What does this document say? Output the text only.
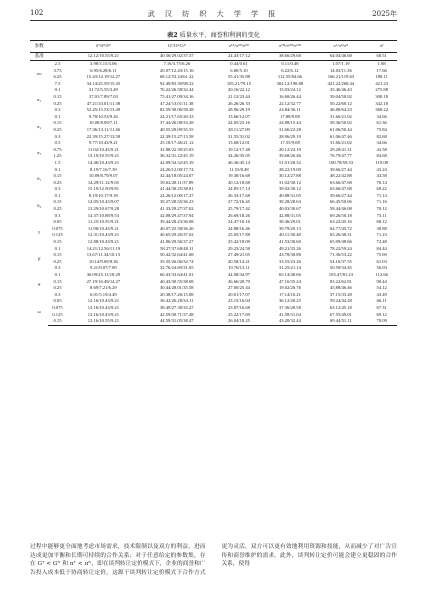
102	武 汉 纺 织 大 学 学 报	2025年
表2 质量水平、商誉和利润的变化
参数		δᵀ/δᴼ/δᴺ	Gᵀ/Gᴼ/Gᴺ	πᵀᴿ/πᴼᴿ/πᴺᴿ	πᵀᴹ/πᴼᴹ/πᴺᴹ	πᵀ/πᴼ/πᴺ	πᵀ
基准		12.12/10.55/9.21	40.56/29.02/37.37	24.43/17.12	38.66/29.68	64.04/46.68	68.51
σₘ	2.5	3.98/3.15/3.06	7.16/3.75/6.26	0.44/0.61	0.11/0.48	1.07/1.19	1.88
	3.75	6.95/6.28/6.11	20.07/12.43/15.16	6.80/5.10	6.22/6.12	14.03/11.36	17.66
	6.25	15.43/14.19/12.27	68.12/53.24/61.22	55.41/35.88	112.55/84.66	166.21/119.63	188.11
	7.5	34.14/25.59/15.45	92.49/83.39/98.22	105.21/79.15	302.12/198.88	421.22/268.44	421.23
α₁	0.1	31.72/5.55/3.49	76.22/26.58/32.44	20.16/22.12	15.03/24.12	35.46/46.43	275.88
	0.15	37.01/7.89/7.03	75.41/27.09/34.16	21.12/23.44	16.68/26.44	39.04/50.02	300.18
	0.25	47.21/33.01/11.38	47.24/13.01/11.38	26.26/26.33	22.12/32.77	50.22/60.12	342.18
	0.3	52.45/15.53/13.49	82.59/30.06/58.28	28.96/29.19	24.84/36.11	46.88/64.23	368.22
α₂	0.1	9.78/10.53/9.26	24.21/17.65/20.33	13.66/12.07	17.88/9.08	31.66/21.02	34.66
	0.15	10.08/8.09/7.11	37.44/26.08/33.28	24.05/23.16	24.88/15.44	39.36/50.02	61.36
	0.25	17.36/13.11/11.46	40.55/29.09/35.55	28.11/27.09	31.66/22.28	61.06/50.44	75.84
	0.3	22.39/15.27/13.58	22.39/15.27/13.58	31.55/31.02	28.96/29.19	61.06/47.46	82.68
α₃	0.5	9.77/10.43/9.21	25.18/17.46/21.12	13.68/12.01	17.55/9.08	31.66/21.02	34.66
	0.75	11.02/10.43/9.21	32.88/22.39/25.03	19.12/17.48	20.12/23.19	29.28/41.31	43.58
	1.25	13.19/10.55/9.21	36.32/31.22/45.19	34.26/35.05	39.68/26.46	76.79/47.77	84.68
	1.5	14.46/10.43/9.21	42.09/34.32/45.19	46.36/45.14	51.01/28.32	100.78/59.33	119.08
b₁	0.1	8.19/7.16/7.39	24.26/12.00/17.74	11.55/8.48	28.22/19.00	39.66/27.44	43.24
	0.15	10.89/8.79/9.07	32.44/18.05/24.07	19.38/16.68	30.12/27.88	48.22/42.88	43.58
	0.25	14.29/11.12/9.65	39.62/28.11/37.89	20.12/18.68	31.02/30.12	63.66/47.68	70.14
	0.3	15.19/12.50/9.81	41.44/30.25/38.81	24.85/17.14	39.02/30.12	63.66/47.68	69.22
b₂	0.1	8.19/10.17/9.39	24.26/12.00/17.27	26.33/17.68	40.88/31.05	39.66/27.44	71.14
	0.15	12.05/10.43/9.07	39.27/28.55/36.23	27.72/16.45	39.28/28.63	66.45/50.06	71.16
	0.25	13.29/10.67/9.28	41.33/29.27/37.02	25.79/17.42	40.03/30.67	58.44/46.08	70.12
	0.3	14.37/10.88/9.53	42.08/29.47/37.94	26.69/18.26	42.88/31.05	69.26/50.18	73.11
γ	0.05	11.25/10.55/9.21	39.44/28.23/36.08	24.47/16.16	38.46/29.01	63.22/45.16	68.12
	0.075	11.96/10.43/9.21	40.07/25.58/36.26	24.88/16.46	39.79/29.13	64.77/45.72	38.88
	0.125	12.31/10.43/9.21	40.65/29.26/37.02	25.05/17.88	40.11/30.48	65.26/48.31	71.23
	0.15	12.88/10.43/9.21	41.06/29.56/37.27	25.42/18.09	41.53/30.60	65.99/48.66	72.48
β	0.1	14.21/12.56/11.19	58.27/37.68/48.11	29.23/24.58	49.21/35.26	78.22/59.24	84.44
	0.15	13.67/11.34/10.13	50.42/32.64/41.68	27.49/21.05	43.78/30.88	71.36/53.22	75.69
	0.25	10.14/9.69/8.36	35.35/26.06/32.74	20.58/14.21	33.55/23.26	54.16/37.55	61.03
	0.3	9.21/9.07/7.89	32.76/24.69/31.05	19.76/13.11	31.25/21.14	50.59/34.45	56.03
θ	0.1	36.09/25.11/18.29	60.43/33.64/41.01	44.08/34.97	65.14/48.66	103.47/81.23	112.66
	0.15	27.19/16.49/14.27	40.43/30.55/38.08	36.66/28.79	47.16/35.24	83.22/62.81	90.44
	0.25	8.69/7.21/6.29	30.44/28.01/35.58	27.00/25.44	19.02/20.76	45.88/46.46	54.12
	0.3	6.01/5.19/4.49	20.38/17.26/15.08	20.01/17.07	17.14/16.21	37.15/33.28	43.49
ω	0.05	12.16/10.43/9.21	36.42/26.28/34.11	23.15/16.04	36.12/28.25	59.24/44.28	66.11
	0.075	12.16/10.43/9.21	38.49/27.38/35.27	23.87/16.68	37.36/28.58	63.12/45.18	67.31
	0.125	12.16/10.43/9.21	42.59/30.71/37.48	25.22/17.69	41.58/31.04	67.55/49.01	69.12
	0.15	12.16/10.55/9.21	44.59/31.05/38.47	26.04/18.25	43.28/32.44	69.44/51.11	70.09
过程中能够更全面地考虑市场需求，技术限制以及双方的利益，进而达成更加平衡和长期可持续的合作关系；对于任意给定的参数集，存在 Gᵀ < Gᴺ 和 πᵀ < πᴺ，即在谈判转让定价模式下，企业的商誉和广告投入成本低于协商转让定价，这源于谈判转让定价模式下合作方式更为灵活，双方可以更有效地利用资源和技能，从而减少了对广告宣传和商誉维护的需求。此外，谈判转让定价可能会建立更稳固的合作关系，使得
